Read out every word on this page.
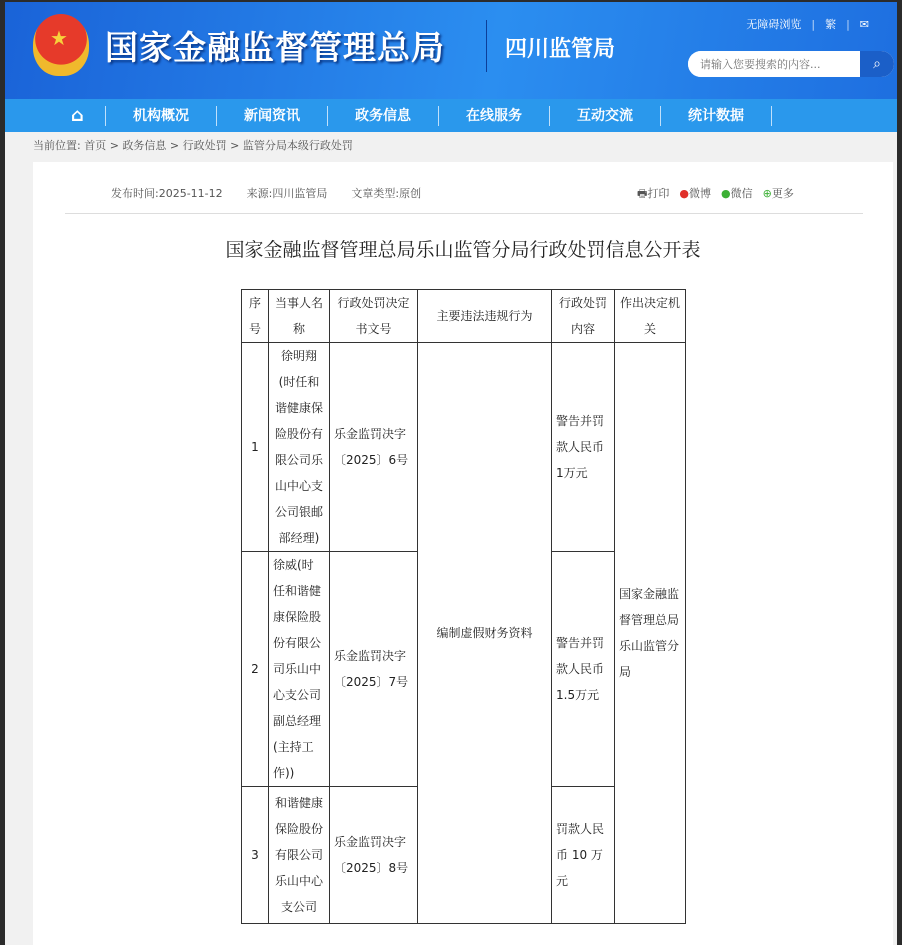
★
国家金融监督管理总局	四川监管局
无障碍浏览 | 繁 | ✉
请输入您要搜索的内容...
⌕
⌂	机构概况	新闻资讯	政务信息	在线服务	互动交流	统计数据
当前位置: 首页 > 政务信息 > 行政处罚 > 监管分局本级行政处罚
发布时间:2025-11-12 来源:四川监管局 文章类型:原创	🖶打印 ●微博 ●微信 ⊕更多
国家金融监督管理总局乐山监管分局行政处罚信息公开表
序号	当事人名称	行政处罚决定书文号	主要违法违规行为	行政处罚内容	作出决定机关
1	徐明翔(时任和谐健康保险股份有限公司乐山中心支公司银邮部经理)	乐金监罚决字〔2025〕6号	编制虚假财务资料	警告并罚款人民币1万元	国家金融监督管理总局乐山监管分局
2	徐威(时任和谐健康保险股份有限公司乐山中心支公司副总经理(主持工作))	乐金监罚决字〔2025〕7号		警告并罚款人民币1.5万元	
3	和谐健康保险股份有限公司乐山中心支公司	乐金监罚决字〔2025〕8号		罚款人民币 10 万元	
